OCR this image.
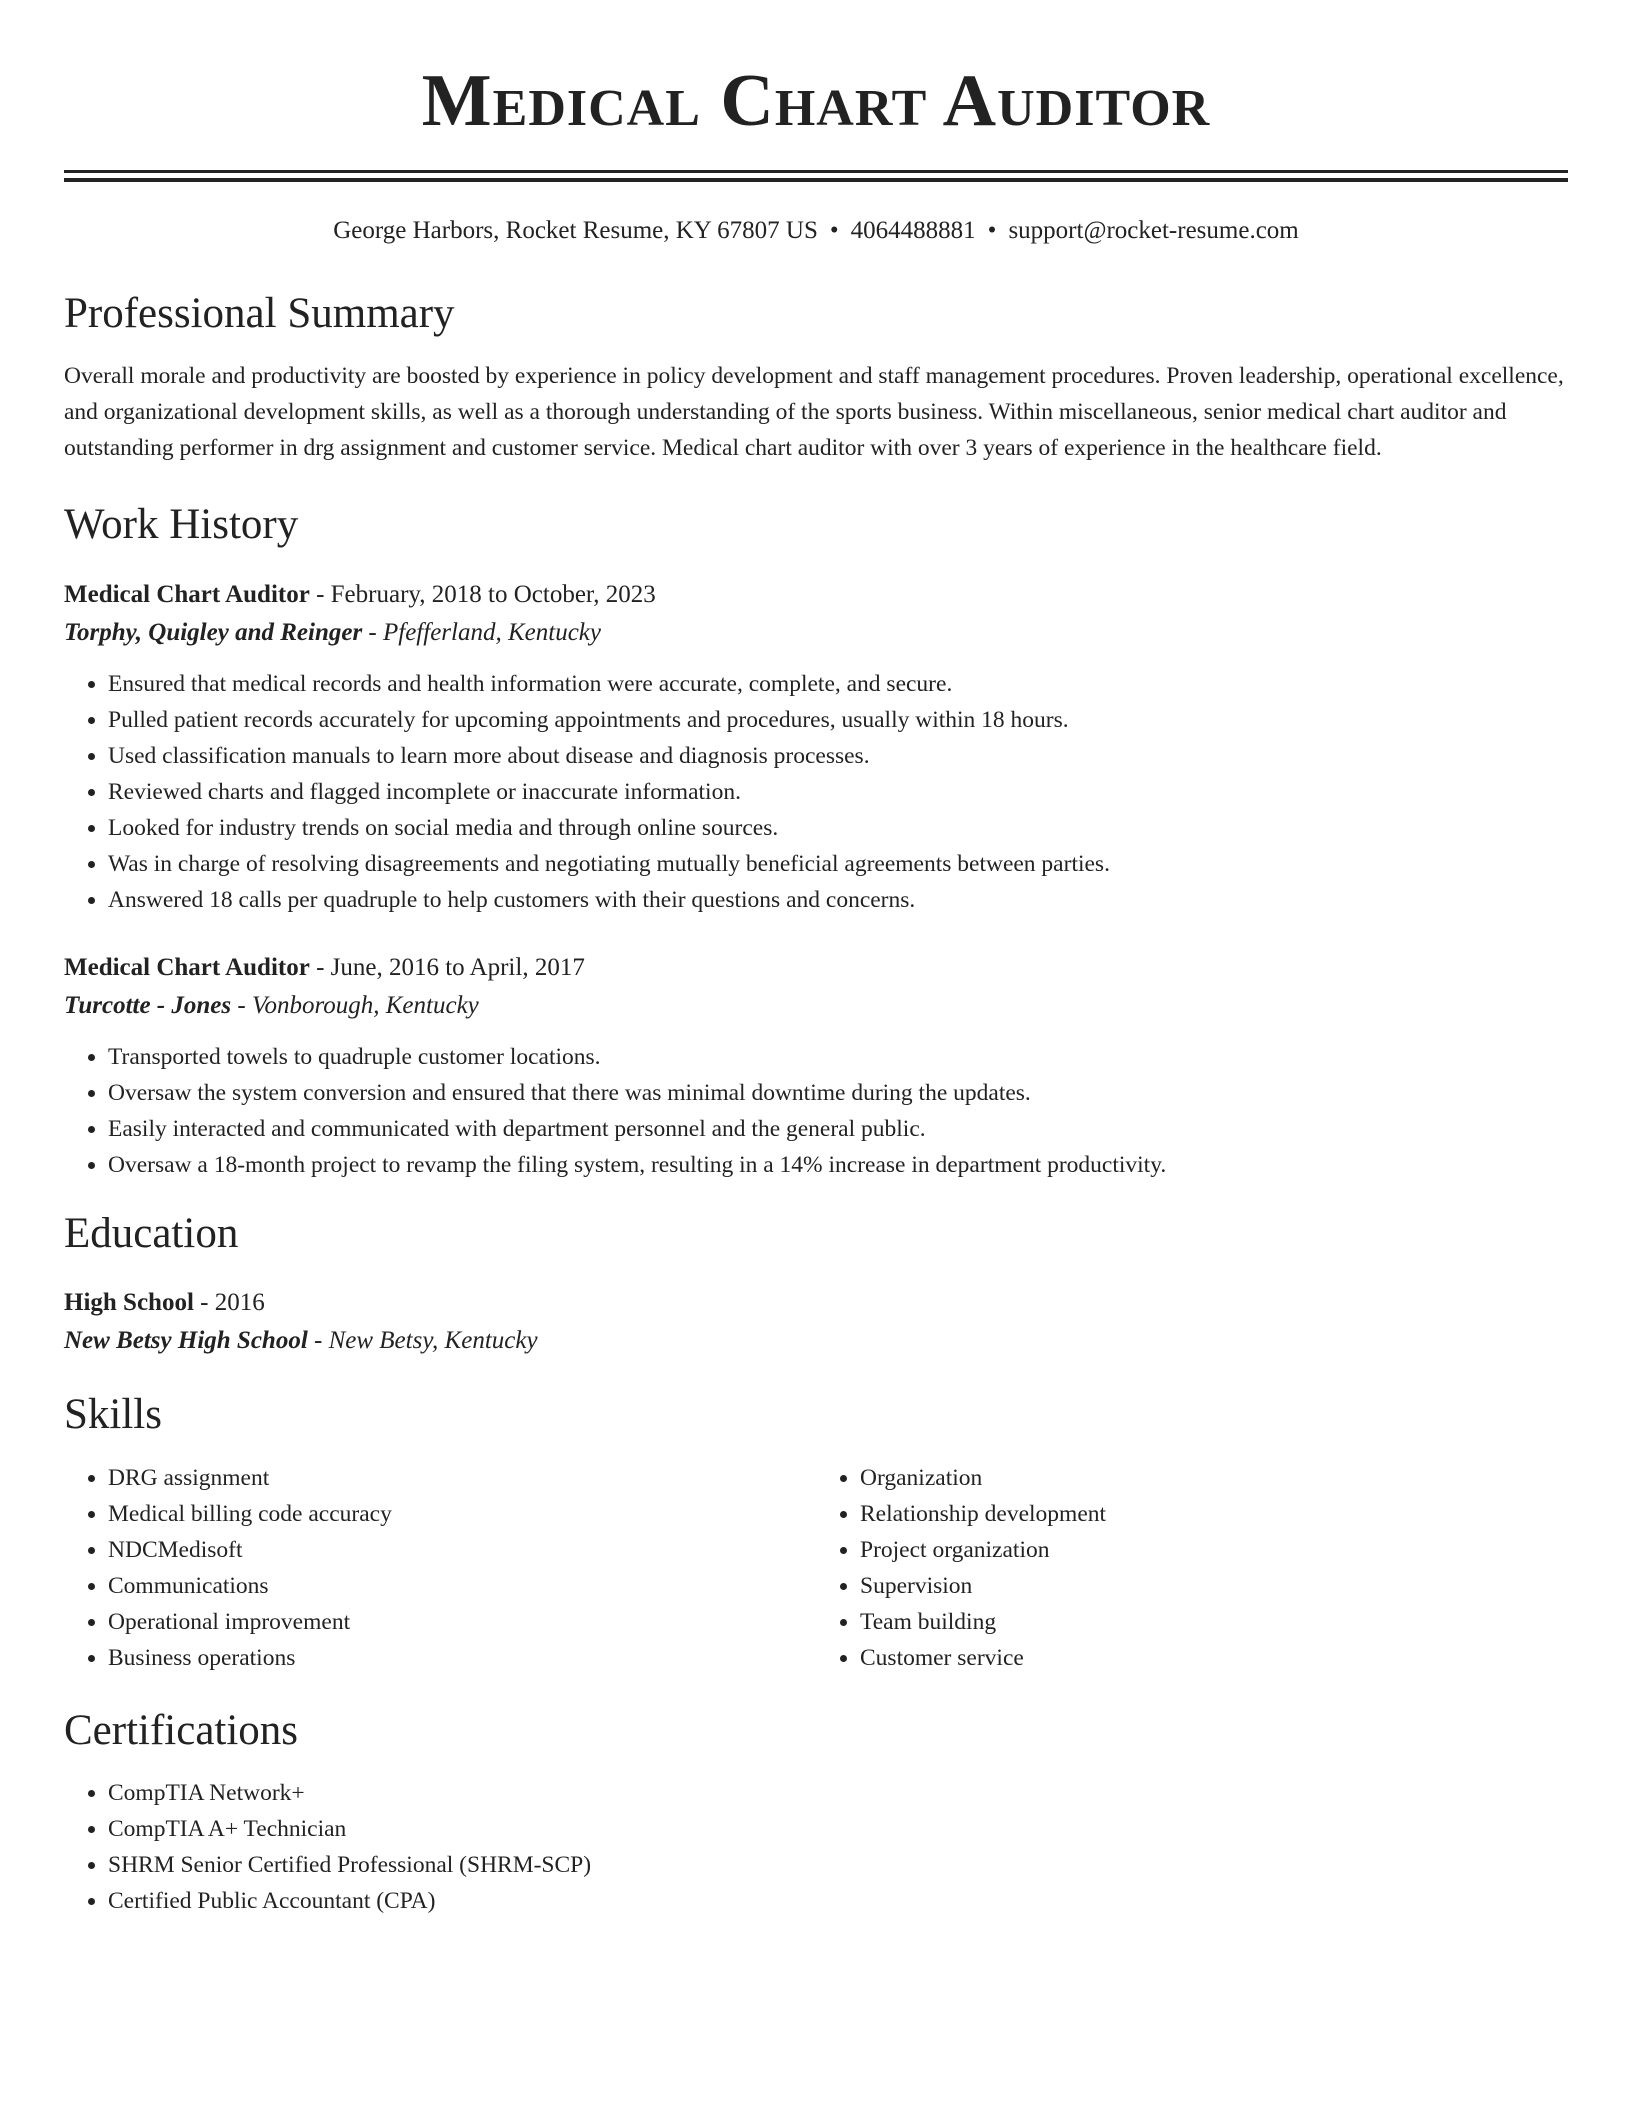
Medical Chart Auditor
George Harbors, Rocket Resume, KY 67807 US • 4064488881 • support@rocket-resume.com
Professional Summary

Overall morale and productivity are boosted by experience in policy development and staff management procedures. Proven leadership, operational excellence, and organizational development skills, as well as a thorough understanding of the sports business. Within miscellaneous, senior medical chart auditor and outstanding performer in drg assignment and customer service. Medical chart auditor with over 3 years of experience in the healthcare field.

Work History
Medical Chart Auditor - February, 2018 to October, 2023
Torphy, Quigley and Reinger - Pfefferland, Kentucky
• Ensured that medical records and health information were accurate, complete, and secure.
• Pulled patient records accurately for upcoming appointments and procedures, usually within 18 hours.
• Used classification manuals to learn more about disease and diagnosis processes.
• Reviewed charts and flagged incomplete or inaccurate information.
• Looked for industry trends on social media and through online sources.
• Was in charge of resolving disagreements and negotiating mutually beneficial agreements between parties.
• Answered 18 calls per quadruple to help customers with their questions and concerns.
Medical Chart Auditor - June, 2016 to April, 2017
Turcotte - Jones - Vonborough, Kentucky
• Transported towels to quadruple customer locations.
• Oversaw the system conversion and ensured that there was minimal downtime during the updates.
• Easily interacted and communicated with department personnel and the general public.
• Oversaw a 18-month project to revamp the filing system, resulting in a 14% increase in department productivity.
Education
High School - 2016
New Betsy High School - New Betsy, Kentucky
Skills
• DRG assignment
• Medical billing code accuracy
• NDCMedisoft
• Communications
• Operational improvement
• Business operations
• Organization
• Relationship development
• Project organization
• Supervision
• Team building
• Customer service
Certifications
• CompTIA Network+
• CompTIA A+ Technician
• SHRM Senior Certified Professional (SHRM-SCP)
• Certified Public Accountant (CPA)
